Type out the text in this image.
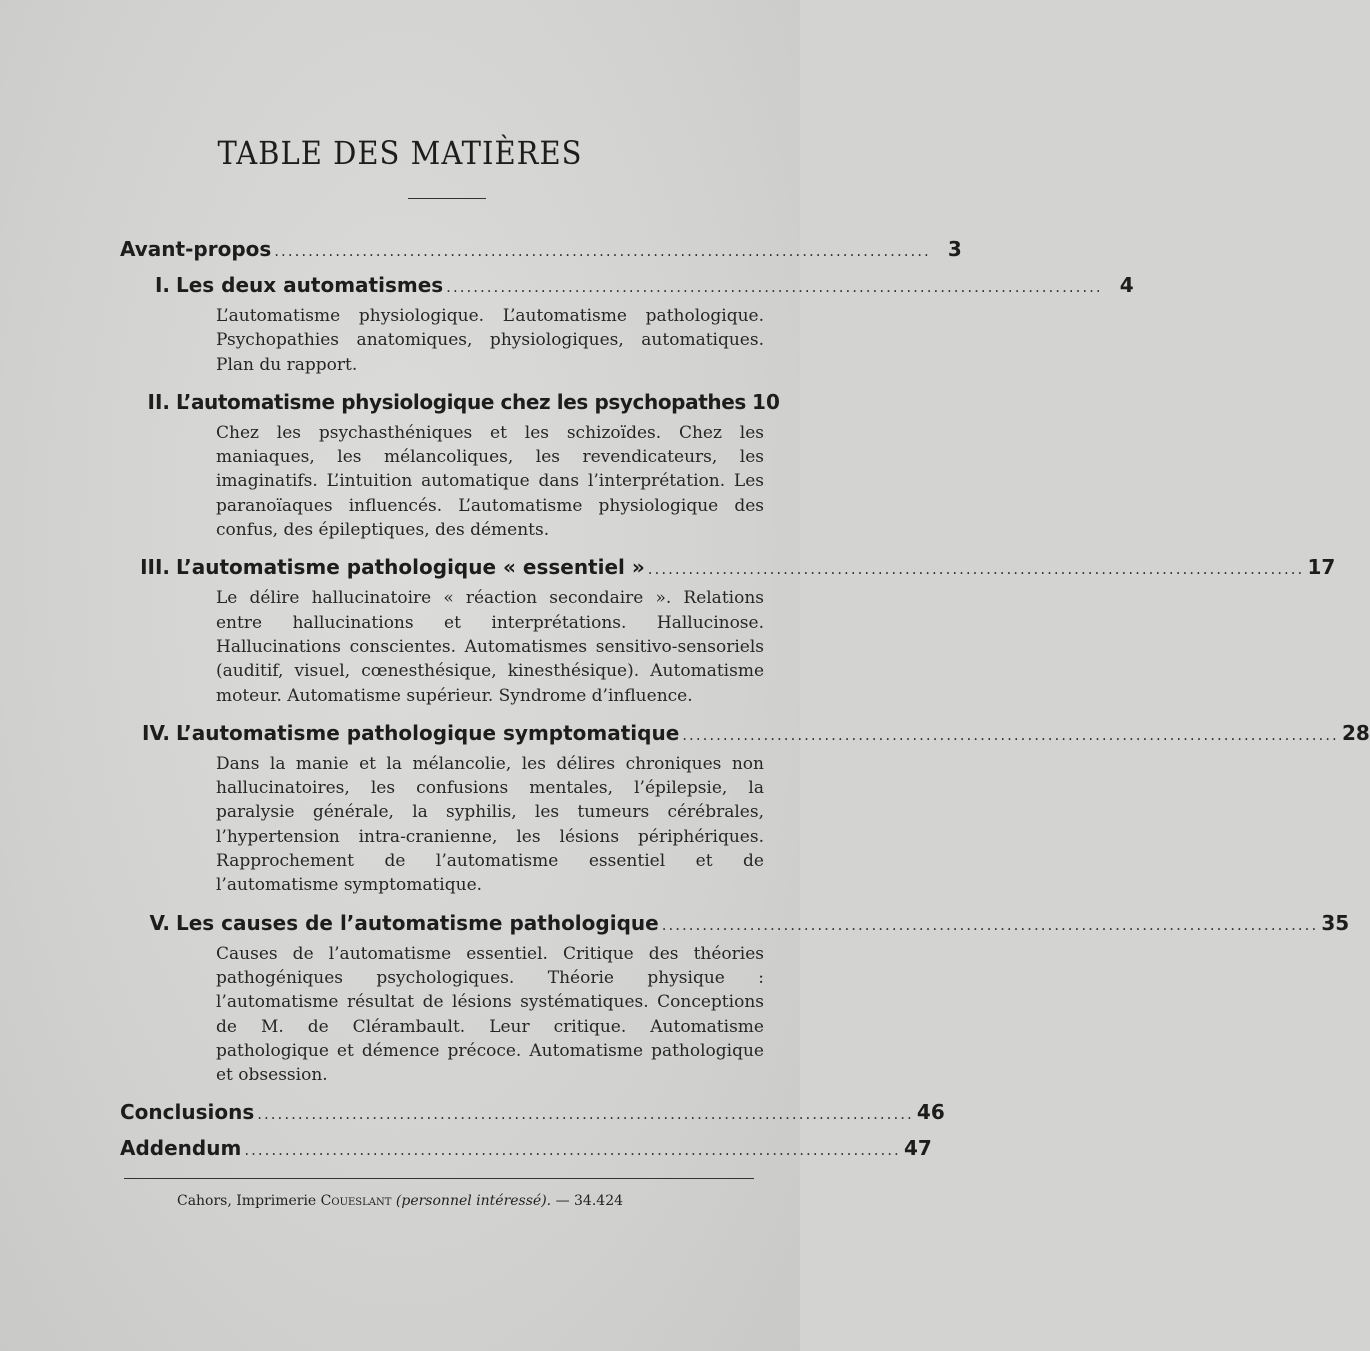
TABLE DES MATIÈRES
Avant-propos ................................................................................................. 3
I. Les deux automatismes ................................................................................................. 4
L’automatisme physiologique. L’automatisme pathologique. Psychopathies anatomiques, physiologiques, automatiques. Plan du rapport.
II. L’automatisme physiologique chez les psychopathes 10
Chez les psychasthéniques et les schizoïdes. Chez les maniaques, les mélancoliques, les revendicateurs, les imaginatifs. L’intuition automatique dans l’interprétation. Les paranoïaques influencés. L’automatisme physiologique des confus, des épileptiques, des déments.
III. L’automatisme pathologique « essentiel » ................................................................................................. 17
Le délire hallucinatoire « réaction secondaire ». Relations entre hallucinations et interprétations. Hallucinose. Hallucinations conscientes. Automatismes sensitivo-sensoriels (auditif, visuel, cœnesthésique, kinesthésique). Automatisme moteur. Automatisme supérieur. Syndrome d’influence.
IV. L’automatisme pathologique symptomatique ................................................................................................. 28
Dans la manie et la mélancolie, les délires chroniques non hallucinatoires, les confusions mentales, l’épilepsie, la paralysie générale, la syphilis, les tumeurs cérébrales, l’hypertension intra-cranienne, les lésions périphériques. Rapprochement de l’automatisme essentiel et de l’automatisme symptomatique.
V. Les causes de l’automatisme pathologique ................................................................................................. 35
Causes de l’automatisme essentiel. Critique des théories pathogéniques psychologiques. Théorie physique : l’automatisme résultat de lésions systématiques. Conceptions de M. de Clérambault. Leur critique. Automatisme pathologique et démence précoce. Automatisme pathologique et obsession.
Conclusions ................................................................................................. 46
Addendum ................................................................................................. 47
Cahors, Imprimerie Coueslant (personnel intéressé). — 34.424
